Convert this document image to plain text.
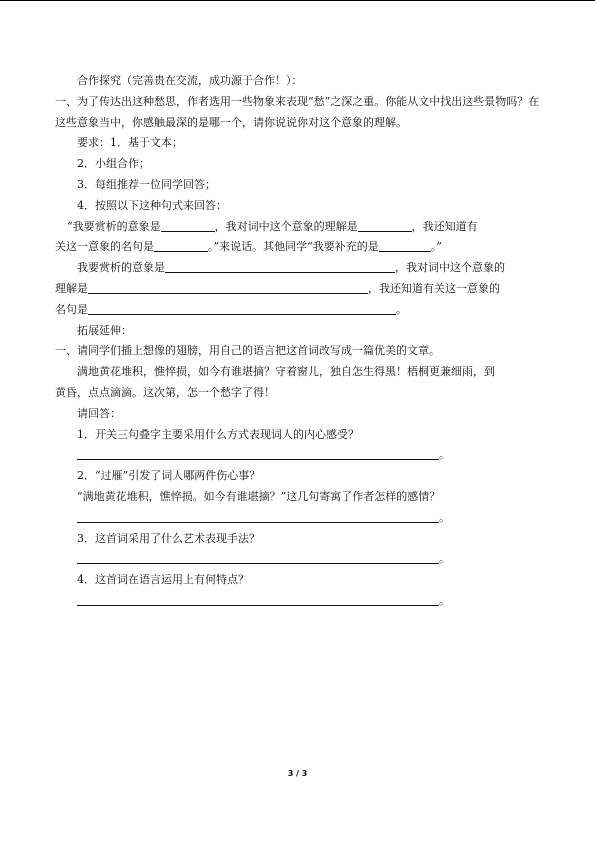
合作探究（完善贵在交流，成功源于合作！）：

一、为了传达出这种愁思，作者选用一些物象来表现“愁”之深之重。你能从文中找出这些景物吗？在这些意象当中，你感触最深的是哪一个，请你说说你对这个意象的理解。

要求：1．基于文本；

2．小组合作；

3．每组推荐一位同学回答；

4．按照以下这种句式来回答：

“我要赏析的意象是	，我对词中这个意象的理解是	，我还知道有

关这一意象的名句是	。”来说话。其他同学“我要补充的是	。”

我要赏析的意象是	，我对词中这个意象的

理解是	，我还知道有关这一意象的

名句是	。

拓展延伸：

一、请同学们插上想像的翅膀，用自己的语言把这首词改写成一篇优美的文章。

满地黄花堆积，憔悴损，如今有谁堪摘？守着窗儿，独自怎生得黑！梧桐更兼细雨，到

黄昏，点点滴滴。这次第，怎一个愁字了得！

请回答：

1．开关三句叠字主要采用什么方式表现词人的内心感受？

。

2．“过雁”引发了词人哪两件伤心事？

“满地黄花堆积，憔悴损。如今有谁堪摘？”这几句寄寓了作者怎样的感情？

。

3．这首词采用了什么艺术表现手法？

。

4．这首词在语言运用上有何特点？

。

3 / 3
